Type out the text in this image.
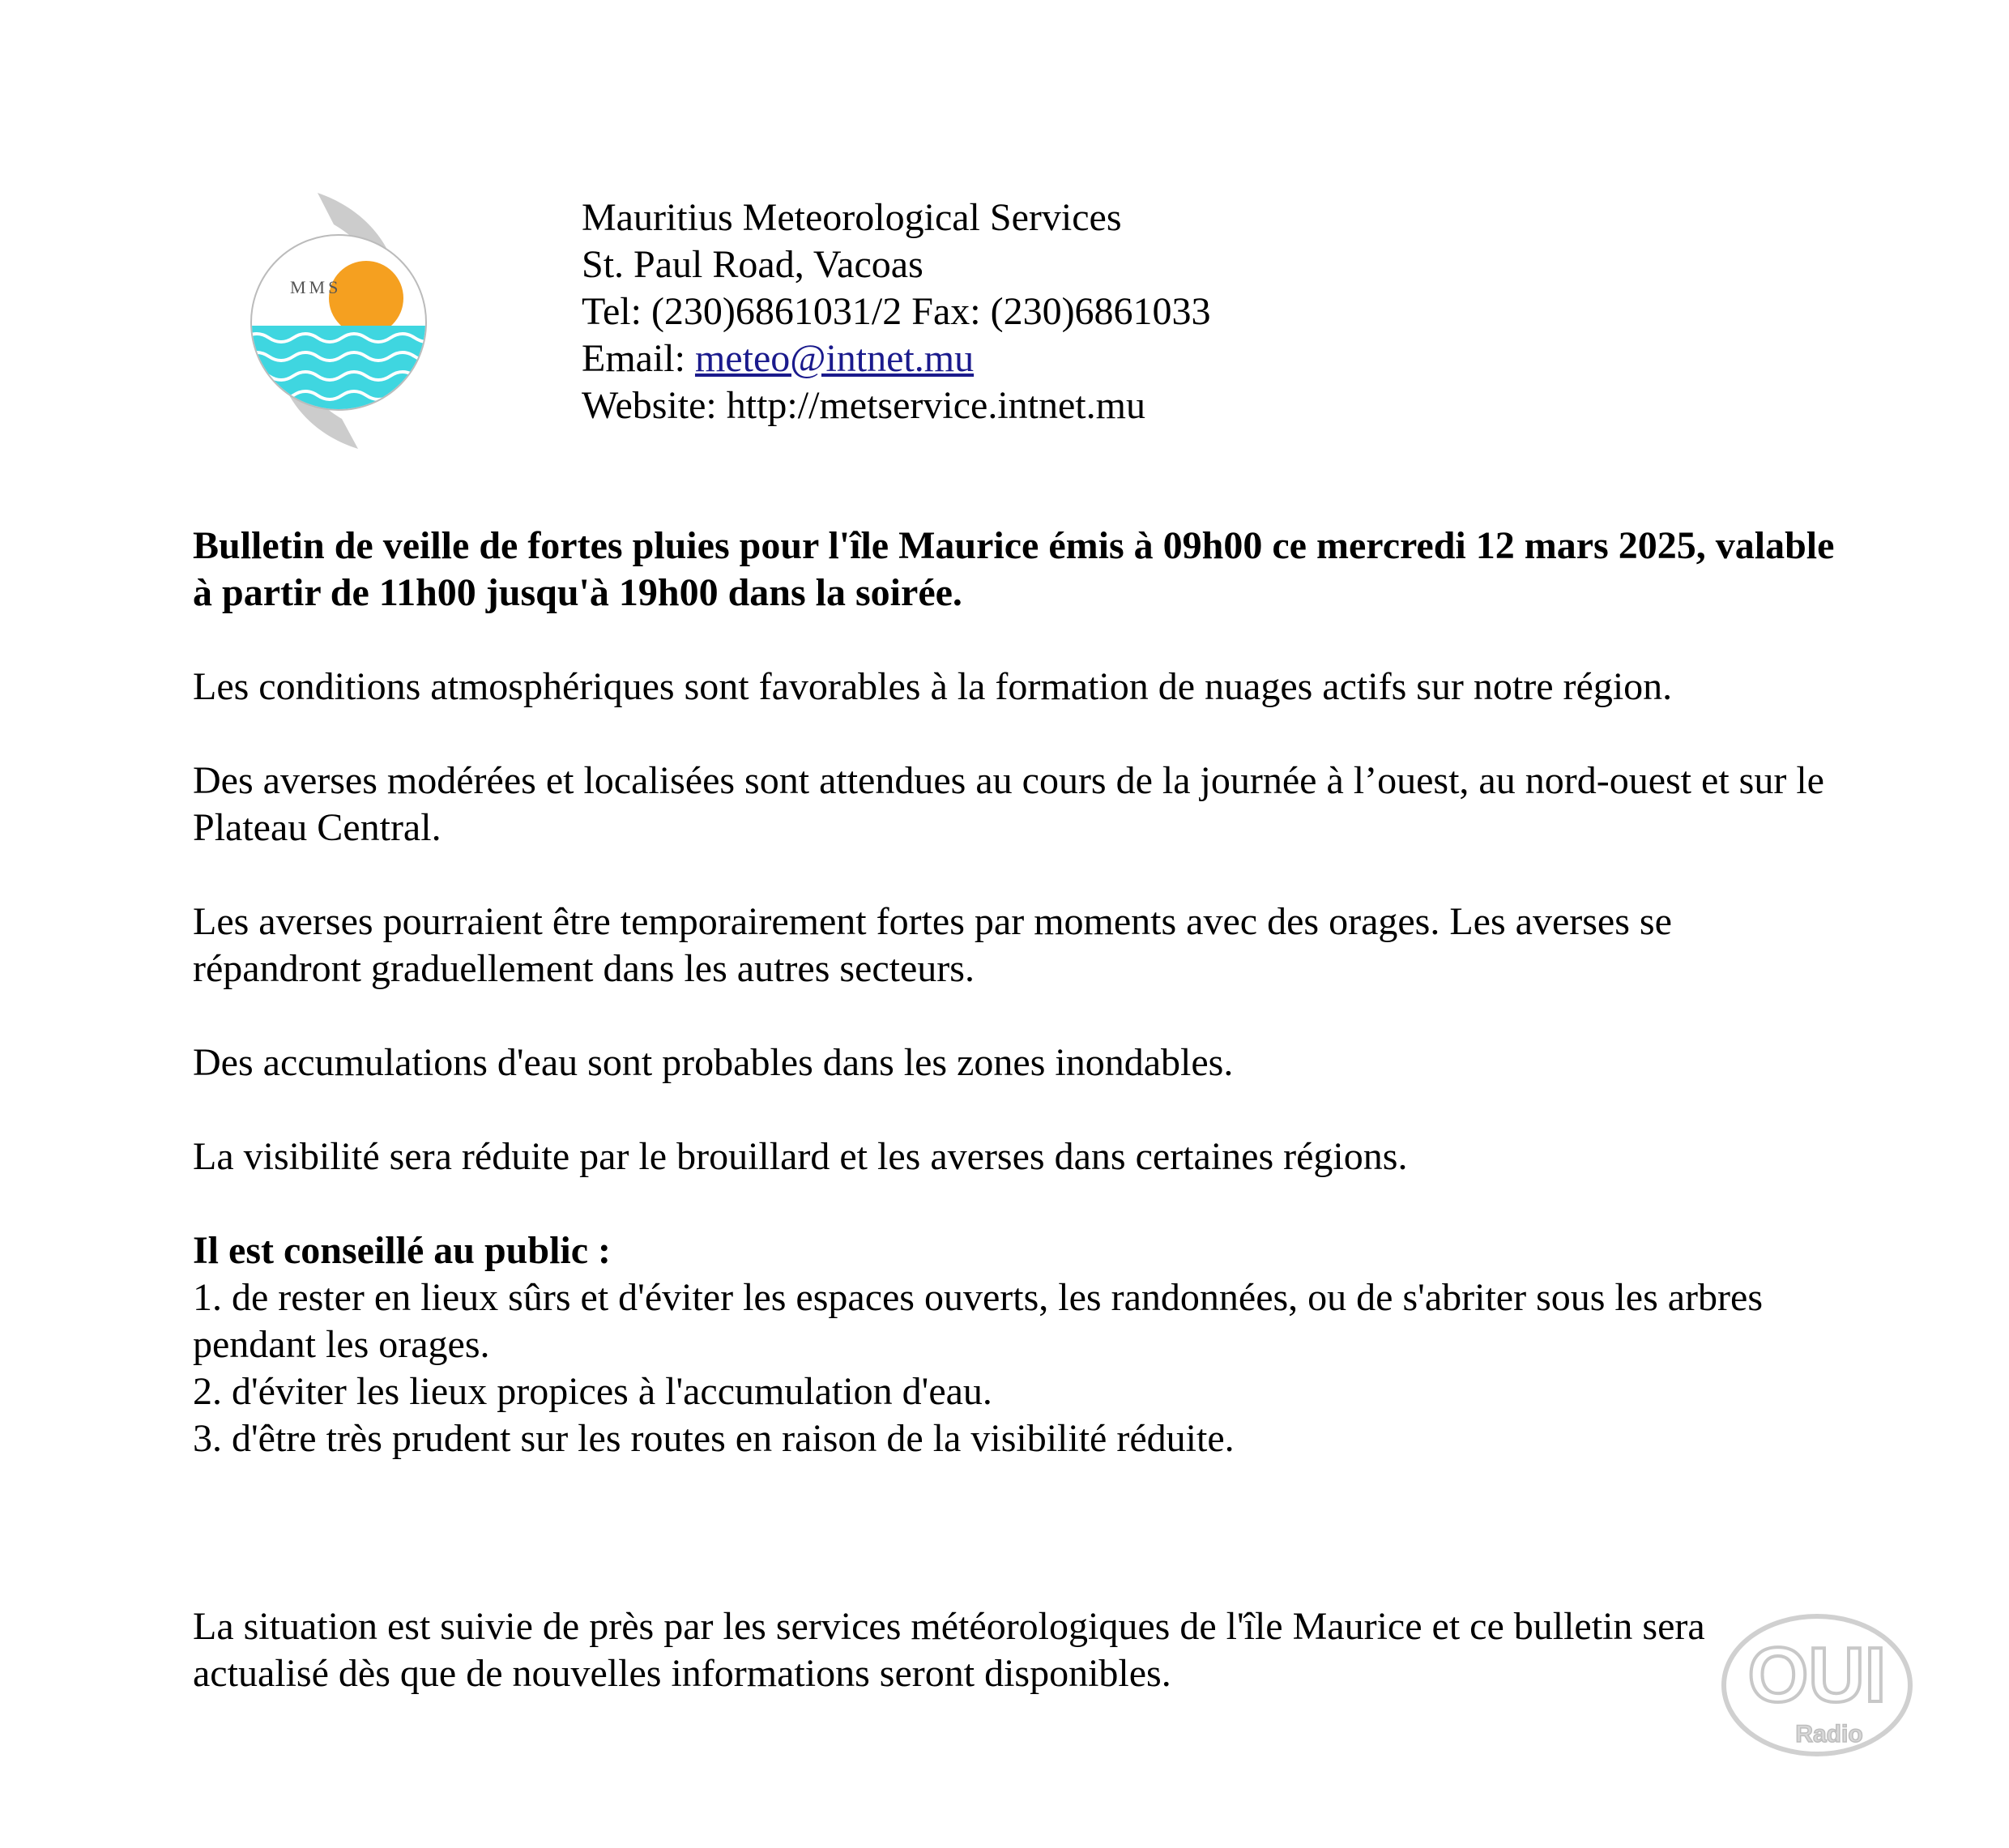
MMS
Mauritius Meteorological Services
St. Paul Road, Vacoas
Tel: (230)6861031/2 Fax: (230)6861033
Email: meteo@intnet.mu
Website: http://metservice.intnet.mu

Bulletin de veille de fortes pluies pour l'île Maurice émis à 09h00 ce mercredi 12 mars 2025, valable à partir de 11h00 jusqu'à 19h00 dans la soirée.

Les conditions atmosphériques sont favorables à la formation de nuages actifs sur notre région.

Des averses modérées et localisées sont attendues au cours de la journée à l’ouest, au nord-ouest et sur le Plateau Central.

Les averses pourraient être temporairement fortes par moments avec des orages. Les averses se répandront graduellement dans les autres secteurs.

Des accumulations d'eau sont probables dans les zones inondables.

La visibilité sera réduite par le brouillard et les averses dans certaines régions.

Il est conseillé au public :
1. de rester en lieux sûrs et d'éviter les espaces ouverts, les randonnées, ou de s'abriter sous les arbres pendant les orages.
2. d'éviter les lieux propices à l'accumulation d'eau.
3. d'être très prudent sur les routes en raison de la visibilité réduite.

La situation est suivie de près par les services météorologiques de l'île Maurice et ce bulletin sera actualisé dès que de nouvelles informations seront disponibles.	OUI
Radio
